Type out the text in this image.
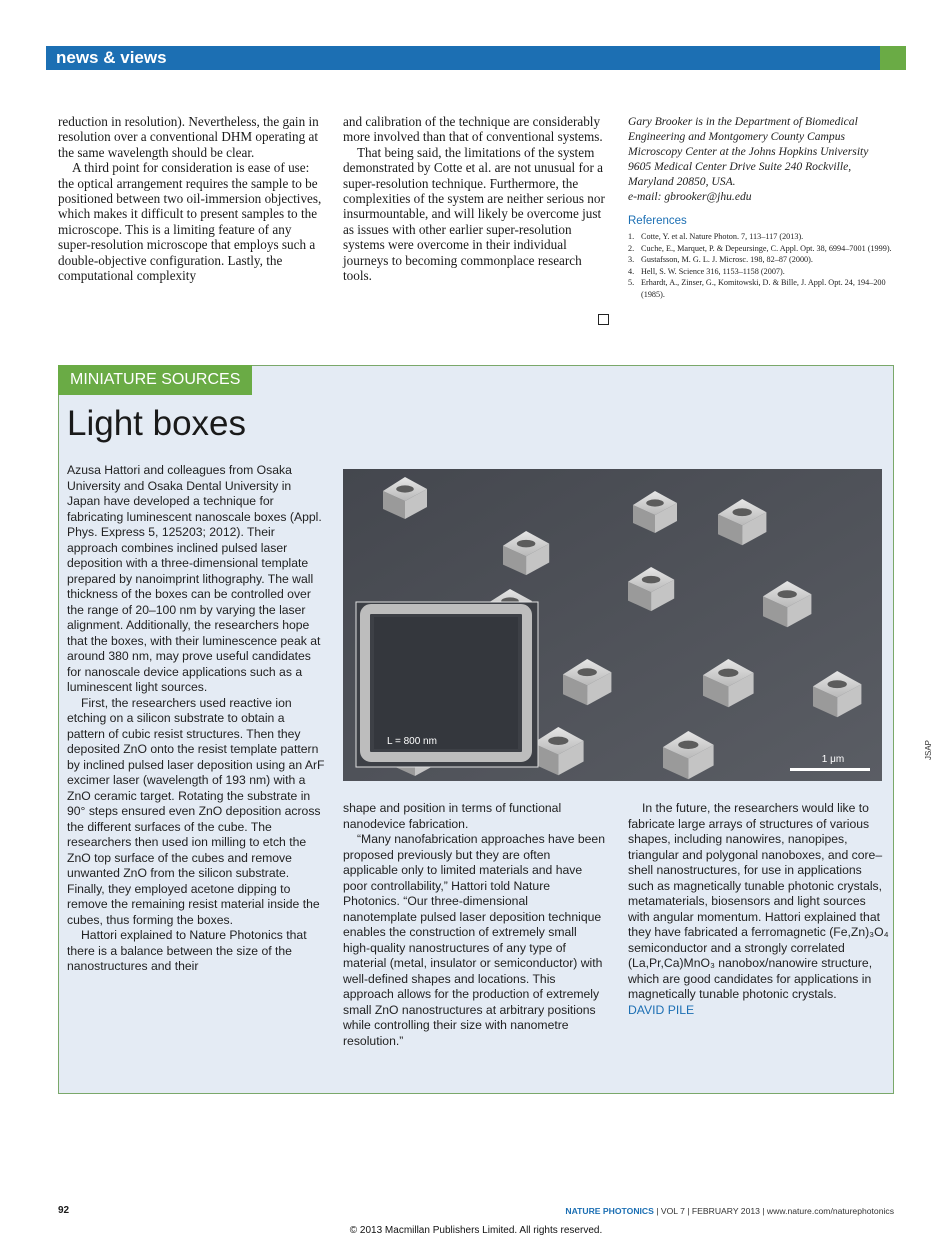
news & views

reduction in resolution). Nevertheless, the gain in resolution over a conventional DHM operating at the same wavelength should be clear.

A third point for consideration is ease of use: the optical arrangement requires the sample to be positioned between two oil-immersion objectives, which makes it difficult to present samples to the microscope. This is a limiting feature of any super-resolution microscope that employs such a double-objective configuration. Lastly, the computational complexity

and calibration of the technique are considerably more involved than that of conventional systems.

That being said, the limitations of the system demonstrated by Cotte et al. are not unusual for a super-resolution technique. Furthermore, the complexities of the system are neither serious nor insurmountable, and will likely be overcome just as issues with other earlier super-resolution systems were overcome in their individual journeys to becoming commonplace research tools.

Gary Brooker is in the Department of Biomedical Engineering and Montgomery County Campus Microscopy Center at the Johns Hopkins University 9605 Medical Center Drive Suite 240 Rockville, Maryland 20850, USA.

e-mail: gbrooker@jhu.edu

References
1. Cotte, Y. et al. Nature Photon. 7, 113–117 (2013).
2. Cuche, E., Marquet, P. & Depeursinge, C. Appl. Opt. 38, 6994–7001 (1999).
3. Gustafsson, M. G. L. J. Microsc. 198, 82–87 (2000).
4. Hell, S. W. Science 316, 1153–1158 (2007).
5. Erhardt, A., Zinser, G., Komitowski, D. & Bille, J. Appl. Opt. 24, 194–200 (1985).
MINIATURE SOURCES
Light boxes

Azusa Hattori and colleagues from Osaka University and Osaka Dental University in Japan have developed a technique for fabricating luminescent nanoscale boxes (Appl. Phys. Express 5, 125203; 2012). Their approach combines inclined pulsed laser deposition with a three-dimensional template prepared by nanoimprint lithography. The wall thickness of the boxes can be controlled over the range of 20–100 nm by varying the laser alignment. Additionally, the researchers hope that the boxes, with their luminescence peak at around 380 nm, may prove useful candidates for nanoscale device applications such as a luminescent light sources.

First, the researchers used reactive ion etching on a silicon substrate to obtain a pattern of cubic resist structures. Then they deposited ZnO onto the resist template pattern by inclined pulsed laser deposition using an ArF excimer laser (wavelength of 193 nm) with a ZnO ceramic target. Rotating the substrate in 90° steps ensured even ZnO deposition across the different surfaces of the cube. The researchers then used ion milling to etch the ZnO top surface of the cubes and remove unwanted ZnO from the silicon substrate. Finally, they employed acetone dipping to remove the remaining resist material inside the cubes, thus forming the boxes.

Hattori explained to Nature Photonics that there is a balance between the size of the nanostructures and their

L = 800 nm
1 μm	JSAP

shape and position in terms of functional nanodevice fabrication.

“Many nanofabrication approaches have been proposed previously but they are often applicable only to limited materials and have poor controllability,” Hattori told Nature Photonics. “Our three-dimensional nanotemplate pulsed laser deposition technique enables the construction of extremely small high-quality nanostructures of any type of material (metal, insulator or semiconductor) with well-defined shapes and locations. This approach allows for the production of extremely small ZnO nanostructures at arbitrary positions while controlling their size with nanometre resolution.”

In the future, the researchers would like to fabricate large arrays of structures of various shapes, including nanowires, nanopipes, triangular and polygonal nanoboxes, and core–shell nanostructures, for use in applications such as magnetically tunable photonic crystals, metamaterials, biosensors and light sources with angular momentum. Hattori explained that they have fabricated a ferromagnetic (Fe,Zn)₃O₄ semiconductor and a strongly correlated (La,Pr,Ca)MnO₃ nanobox/nanowire structure, which are good candidates for applications in magnetically tunable photonic crystals.

DAVID PILE

92	NATURE PHOTONICS | VOL 7 | FEBRUARY 2013 | www.nature.com/naturephotonics
© 2013 Macmillan Publishers Limited. All rights reserved.
